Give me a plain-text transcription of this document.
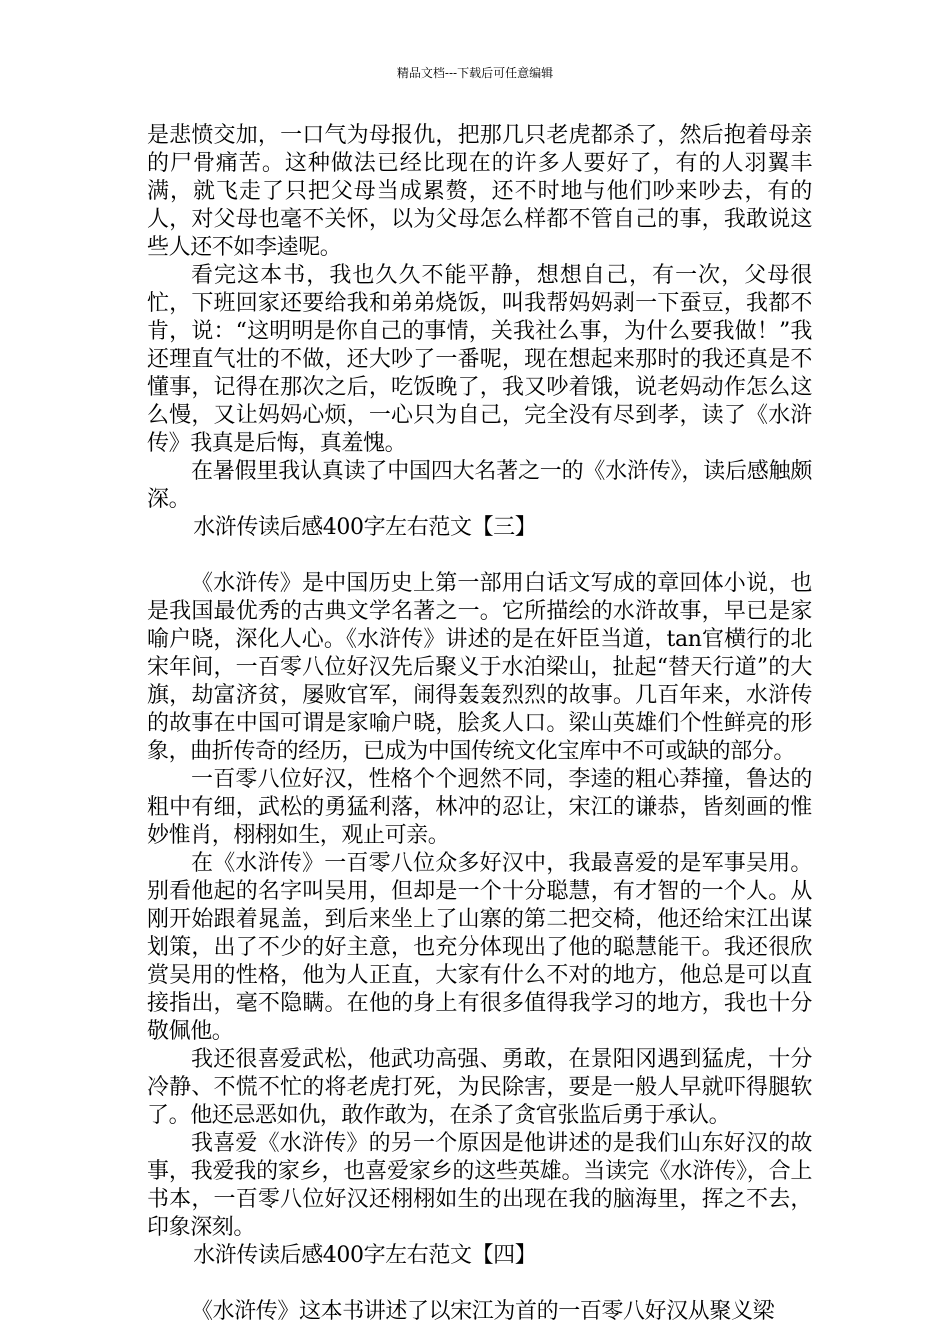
精品文档---下载后可任意编辑

是悲愤交加，一口气为母报仇，把那几只老虎都杀了，然后抱着母亲的尸骨痛苦。这种做法已经比现在的许多人要好了，有的人羽翼丰满，就飞走了只把父母当成累赘，还不时地与他们吵来吵去，有的人，对父母也毫不关怀，以为父母怎么样都不管自己的事，我敢说这些人还不如李逵呢。

看完这本书，我也久久不能平静，想想自己，有一次，父母很忙，下班回家还要给我和弟弟烧饭，叫我帮妈妈剥一下蚕豆，我都不肯，说：“这明明是你自己的事情，关我社么事，为什么要我做！”我还理直气壮的不做，还大吵了一番呢，现在想起来那时的我还真是不懂事，记得在那次之后，吃饭晚了，我又吵着饿，说老妈动作怎么这么慢，又让妈妈心烦，一心只为自己，完全没有尽到孝，读了《水浒传》我真是后悔，真羞愧。

在暑假里我认真读了中国四大名著之一的《水浒传》，读后感触颇深。

水浒传读后感400字左右范文【三】

《水浒传》是中国历史上第一部用白话文写成的章回体小说，也是我国最优秀的古典文学名著之一。它所描绘的水浒故事，早已是家喻户晓，深化人心。《水浒传》讲述的是在奸臣当道，tan官横行的北宋年间，一百零八位好汉先后聚义于水泊梁山，扯起“替天行道”的大旗，劫富济贫，屡败官军，闹得轰轰烈烈的故事。几百年来，水浒传的故事在中国可谓是家喻户晓，脍炙人口。梁山英雄们个性鲜亮的形象，曲折传奇的经历，已成为中国传统文化宝库中不可或缺的部分。

一百零八位好汉，性格个个迥然不同，李逵的粗心莽撞，鲁达的粗中有细，武松的勇猛利落，林冲的忍让，宋江的谦恭，皆刻画的惟妙惟肖，栩栩如生，观止可亲。

在《水浒传》一百零八位众多好汉中，我最喜爱的是军事吴用。别看他起的名字叫吴用，但却是一个十分聪慧，有才智的一个人。从刚开始跟着晁盖，到后来坐上了山寨的第二把交椅，他还给宋江出谋划策，出了不少的好主意，也充分体现出了他的聪慧能干。我还很欣赏吴用的性格，他为人正直，大家有什么不对的地方，他总是可以直接指出，毫不隐瞒。在他的身上有很多值得我学习的地方，我也十分敬佩他。

我还很喜爱武松，他武功高强、勇敢，在景阳冈遇到猛虎，十分冷静、不慌不忙的将老虎打死，为民除害，要是一般人早就吓得腿软了。他还忌恶如仇，敢作敢为，在杀了贪官张监后勇于承认。

我喜爱《水浒传》的另一个原因是他讲述的是我们山东好汉的故事，我爱我的家乡，也喜爱家乡的这些英雄。当读完《水浒传》，合上书本，一百零八位好汉还栩栩如生的出现在我的脑海里，挥之不去，印象深刻。

水浒传读后感400字左右范文【四】

《水浒传》这本书讲述了以宋江为首的一百零八好汉从聚义梁
